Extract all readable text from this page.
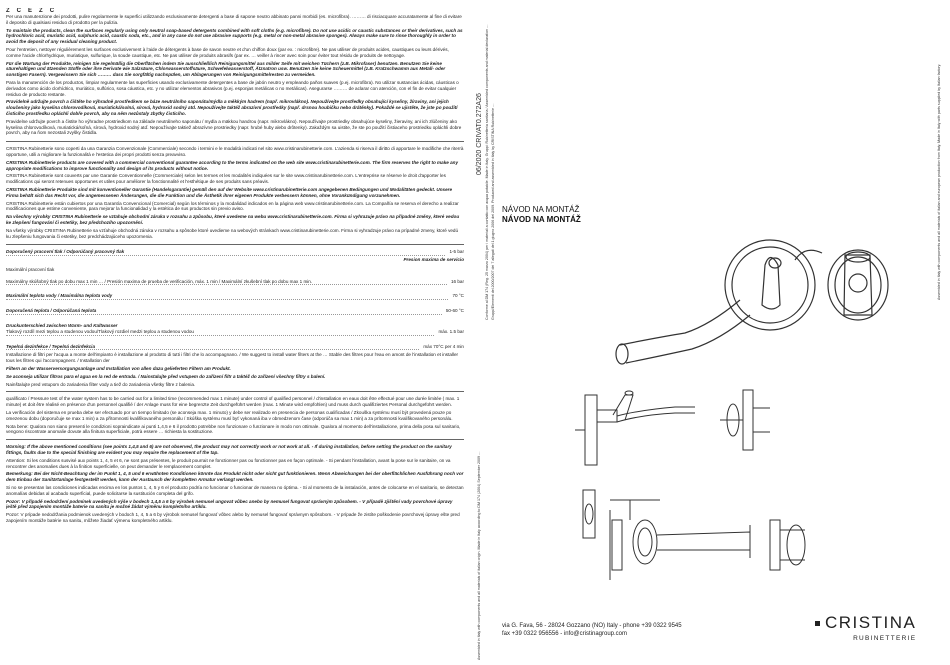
Z Č É Ž Č

Per una manutenzione dei prodotti, pulire regolarmente le superfici utilizzando esclusivamente detergenti a base di sapone neutro abbinato panni morbidi (es. microfibra). ……… di risciacquare accuratamente al fine di evitare il deposito di qualsiasi residuo di prodotto per la pulizia.

To maintain the products, clean the surfaces regularly using only neutral soap-based detergents combined with soft cloths (e.g. microfibre). Do not use acidic or caustic substances or their derivatives, such as hydrochloric acid, muriatic acid, sulphuric acid, caustic soda, etc., and in any case do not use abrasive supports (e.g. metal or non-metal abrasive sponges). Always make sure to rinse thoroughly in order to avoid the deposit of any residual cleaning product.

Pour l'entretien, nettoyer régulièrement les surfaces exclusivement à l'aide de détergents à base de savon neutre et d'un chiffon doux (par ex. : microfibre). Ne pas utiliser de produits acides, caustiques ou leurs dérivés, comme l'acide chlorhydrique, muriatique, sulfurique, la soude caustique, etc. Ne pas utiliser de produits abrasifs (par ex. … veiller à rincer avec soin pour éviter tout résidu de produits de nettoyage.

Für die Wartung der Produkte, reinigen Sie regelmäßig die Oberflächen indem Sie ausschließlich Reinigungsmittel aus milder Seife mit weichen Tüchern (z.B. Mikrofaser) benutzen. Benutzen Sie keine säurehaltigen und ätzenden Stoffe oder ihre Derivate wie Salzsäure, Chlorwasserstoffsäure, Schwefelwasserstoff, Ätznatron usw. Benutzen Sie keine Scheuermittel (z.B. Kratzschwamm aus Metall- oder sonstigen Fasern). Vergewissern Sie sich ……… dass Sie sorgfältig nachspülen, um Ablagerungen von Reinigungsmittelresten zu vermeiden.

Para la manutención de los productos, limpiar regularmente las superficies usando exclusivamente detergentes a base de jabón neutro y empleando paños suaves (p.ej. microfibra). No utilizar sustancias ácidas, cáusticas o derivados como ácido clorhídrico, muriático, sulfúrico, sosa cáustica, etc. y no utilizar elementos abrasivos (p.ej. esponjas metálicas o no metálicas). Asegurarse ……… de aclarar con atención, con el fin de evitar cualquier residuo de producto restante.

Pravidelně udržujte povrch a čištěte ho výhradně prostředkem se báze neutrálního saponátu/mýdla a měkkým hadrem (např. mikrovlákno). Nepoužívejte prostředky obsahující kyseliny, žíraviny, ani jejich sloučeniny jako kyselina chlorovodíková, muriatická/solná, sírová, hydroxid sodný atd. Nepoužívejte taktéž abrazivní prostředky (např. drsnou houbičku nebo drátěnky). Pokaždé se ujistěte, že jste po použití čisticího prostředku opláchli dobře povrch, aby na něm nezůstaly zbytky čisticího.

Pravidelne udržujte povrch a čistite ho výhradne prostriedkom na základe neutrálneho saponátu / mydla a mäkkou handrou (napr. mikrovlákno). Nepoužívajte prostriedky obsahujúce kyseliny, žieraviny, ani ich zlúčeniny ako kyselina chlorovodíková, muriatická/soľná, sírová, hydroxid sodný atď. Nepoužívajte taktiež abrazívne prostriedky (napr. hrubé huby alebo drôtenky). Zakaždým sa uistite, že ste po použití čistiaceho prostriedku opláchli dobre povrch, aby na ňom nezostali zvyšky čistidla.

CRISTINA Rubinetterie sono coperti da una Garanzia Convenzionale (Commerciale) secondo i termini e le modalità indicati nel sito www.cristinarubinetterie.com. L'azienda si riserva il diritto di apportare le modifiche che riterrà opportune, utili a migliorare la funzionalità e l'estetica dei propri prodotti senza preavviso.

CRISTINA Rubinetterie products are covered with a commercial conventional guarantee according to the terms indicated on the web site www.cristinarubinetterie.com. The firm reserves the right to make any appropriate modifications to improve functionality and design of its products without notice.

CRISTINA Rubinetterie sont couverts par une Garantie Conventionnelle (Commerciale) selon les termes et les modalités indiquées sur le site www.cristinarubinetterie.com. L'entreprise se réserve le droit d'apporter les modifications qui seront retenues opportunes et utiles pour améliorer la fonctionnalité et l'esthétique de ses produits sans préavis.

CRISTINA Rubinetterie Produkte sind mit konventioneller Garantie (Handelsgarantie) gemäß den auf der Website www.cristinarubinetterie.com angegebenen Bedingungen und Modalitäten gedeckt. Unsere Firma behält sich das Recht vor, die angemessenen Änderungen, die die Funktion und die Ästhetik ihrer eigenen Produkte verbessern können, ohne Vorankündigung vorzunehmen.

CRISTINA Rubinetterie están cubiertos por una Garantía Convencional (Comercial) según los términos y la modalidad indicados en la página web www.cristinarubinetterie.com. La Compañía se reserva el derecho a realizar modificaciones que estime conveniente, para mejorar la funcionalidad y la estética de sus productos sin previo aviso.

Na všechny výrobky CRISTINA Rubinetterie se vztahuje obchodní záruka v rozsahu a způsobu, které uvedeme na webu www.cristinarubinetterie.com. Firma si vyhrazuje právo na případné změny, které vedou ke zlepšení fungování či estetiky, bez předchozího upozornění.

Na všetky výrobky CRISTINA Rubinetterie sa vzťahuje obchodná záruka v rozsahu a spôsobe ktoré uvedieme na webových stránkach www.cristinarubinetterie.com. Firma si vyhradzuje právo na prípadné zmeny, ktoré vedú ku zlepšeniu fungovania či estetiky, bez predchádzajúceho upozornenia.

Doporučený pracovní tlak / Odporúčaný pracovný tlak	1-5 bar
Presion maxima de servicio
Maximální pracovní tlak
Maximálny skúšobný tlak po dobu max 1 min … / Presión maxima de prueba de verificación, máx. 1 min / Maximální zkušební tlak po dobu max 1 min.	16 bar
Maximální teplota vody / Maximálna teplota vody	70 °C
Doporučená teplota / Odporúčaná teplota	50-60 °C
Druckunterschied zwischen Warm- und Kaltwasser
Tlakový rozdíl mezi teplou a studenou vodou/Tlakový rozdiel medzi teplou a studenou vodou	máx. 1.5 bar
Tepelná dezinfekce / Tepelná dezinfekcia	máx 70°C per 4 min

Installazione di filtri per l'acqua a monte dell'impianto è installazione al prodotto di tutti i filtri che lo accompagnano. / We suggest to install water filters at the … Stable des filtres pour l'eau en amont de l'installation et installer tous les filtres qui l'accompagnent. / Installation der

Filtern an der Wasserversorgungsanlage und Installation von allen dazu gelieferten Filtern am Produkt.

Se aconseja utilizar filtros para el agua en la red de entrada. / Nainstalujte před vstupem do zařízení filtr a taktéž do zařízení všechny filtry s balení.

Nainštalujte pred vstupom do zariadenia filter vody a tiež do zariadenia všetky filtre z balenia.

qualificato / Pressure test of the water system has to be carried out for a limited time (recommended max 1 minute) under control of qualified personnel / d'installation en eaux doit être effectué pour une durée limitée ( max. 1 minute) et doit être réalisé en présence d'un personnel qualifié / der Anlage muss für eine begrenzte Zeit durchgeführt werden (max. 1 Minute wird empfohlen) und muss durch qualifiziertes Personal durchgeführt werden.

La verificación del sistema en prueba debe ser efectuado por un tiempo limitado (se aconseja max. 1 minuto) y debe ser realizado en presencia de personas cualificadas / Zkouška systému musí být provedená pouze po omezenou dobu (doporučuje se max 1 min) a za přítomnosti kvalifikovaného personálu / Skúška systému musí byť vykonaná iba v obmedzenom čase (odporúča sa max 1 min) a za prítomnosti kvalifikovaného personálu.

Nota bene: Qualora non siano presenti le condizioni sopraindicate ai punti 1,4,5 e 6 il prodotto potrebbe non funzionare o funzionare in modo non ottimale. Qualora al momento dell'installazione, prima della posa sul sanitario, vengono riscontrate anomalie dovute alla finitura superficiale, potrà essere … richiesta la sostituzione.

Warning: If the above mentioned conditions (see points 1,4,5 and 6) are not observed, the product may not correctly work or not work at all. - If during installation, before setting the product on the sanitary fittings, faults due to the special finishing are evident you may require the replacement of the tap.

Attention: Si les conditions susvisé aux points 1, 4, 5 et 6, ne sont pas présentes, le produit pourrait ne fonctionner pas ou fonctionner pas en façon optimale. - Si pendant l'installation, avant la pose sur le sanitaire, on va rencontrer des anomalies dues à la finition superficielle, on peut demander le remplacement complet.

Bemerkung: Bei der Nicht-Beachtung der im Punkt 1, 4, 5 und 6 erwähnten Konditionen könnte das Produkt nicht oder nicht gut funktionieren. Wenn Abweichungen bei der oberflächlichen Ausführung noch vor dem Einbau der Sanitärtanlage festgestellt werden, kann der Austausch der kompletten Armatur verlangt werden.

Si no se presentan las condiciones indicadas encima en los puntos 1, 4, 5 y 6 el producto podría no funcionar o funcionar de manera no óptima. - Si al momento de la instalación, antes de colocarse en el sanitario, se detectan anomalías debidas al acabado superficial, puede solicitarse la sustitución completa del grifo.

Pozor: V případě nedodržení podmínek uvedených výše v bodech 1,4,5 a 6 by výrobek nemusel ungovat vůbec anebo by nemusel fungovat správným způsobem. - V případě zjištění vady povrchové úpravy ještě před zapojením montáže baterie na sanitu je možné žádat výměnu kompletního artiklu.

Pozor: V prípade nedodržania podmienok uvedených v bodoch 1, 4, 5 a 6 by výrobok nemusel fungovať vôbec alebo by nemusel fungovať správnym spôsobom. - V prípade že zistíte poškodenie povrchovej úpravy ešte pred zapojením montáže batérie na sanitu, môžete žiadať výmenu kompletného artiklu.

06/2020 CRIVAT0.272A26 Conforme al DM 174 (Reg. 25 marzo 2004) per i materiali a contatto con acqua potabile. Made in Italy. Gruppi: Rubinetteria sanitaria / Assembled components and material declaration … Gruppi/Elementi del 2000/2007 dei 7 allegati del 1 giugno 2006 del 2009. Produced and assembled in Italy by CRISTINA Rubinetterie …	Assembled in Italy with components and all materials of italian and european production from Italy. Made in Italy with parts supplied by Italian factory.
Assembled in Italy with components and all materials of italian origin. Made in Italy according to DM 174 (2004) September 2009 …
NÁVOD NA MONTÁŽ
NÁVOD NA MONTÁŽ
via G. Fava, 56 - 28024 Gozzano (NO) Italy - phone +39 0322 9545
fax +39 0322 956556 - info@cristinagroup.com
CRISTINA
RUBINETTERIE
